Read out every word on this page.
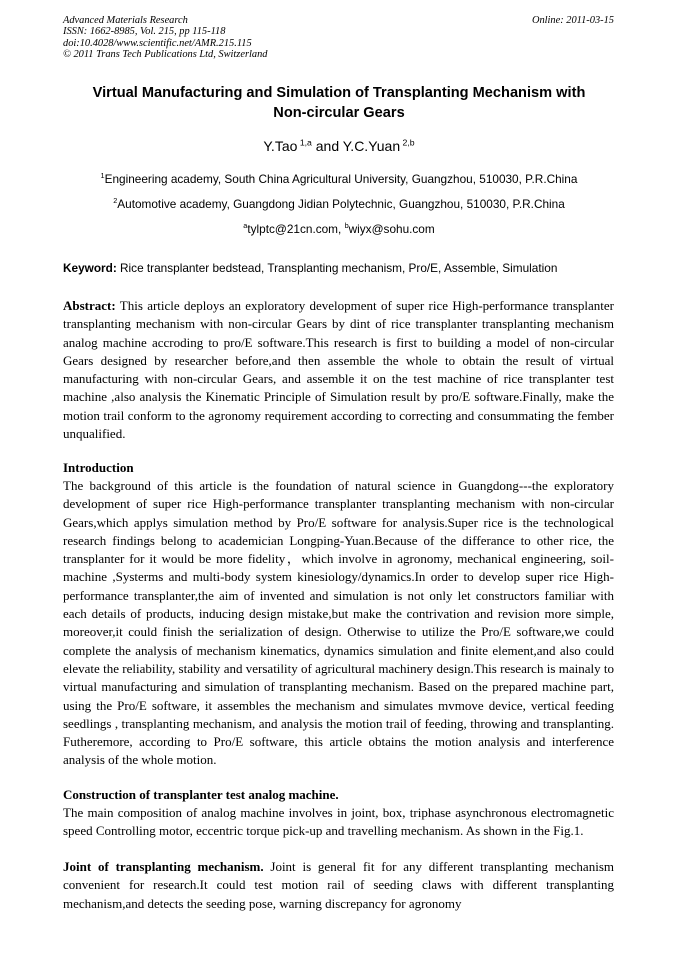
Advanced Materials Research
ISSN: 1662-8985, Vol. 215, pp 115-118
doi:10.4028/www.scientific.net/AMR.215.115
© 2011 Trans Tech Publications Ltd, Switzerland
Online: 2011-03-15
Virtual Manufacturing and Simulation of Transplanting Mechanism with
Non-circular Gears
Y.Tao $^{1,a}$ and Y.C.Yuan $^{2,b}$
$^1$Engineering academy, South China Agricultural University, Guangzhou, 510030, P.R.China
$^2$Automotive academy, Guangdong Jidian Polytechnic, Guangzhou, 510030, P.R.China
$^a$tylptc@21cn.com, $^b$wiyx@sohu.com
Keyword: Rice transplanter bedstead, Transplanting mechanism, Pro/E, Assemble, Simulation
Abstract: This article deploys an exploratory development of super rice High-performance transplanter transplanting mechanism with non-circular Gears by dint of rice transplanter transplanting mechanism analog machine accroding to pro/E software.This research is first to building a model of non-circular Gears designed by researcher before,and then assemble the whole to obtain the result of virtual manufacturing with non-circular Gears, and assemble it on the test machine of rice transplanter test machine ,also analysis the Kinematic Principle of Simulation result by pro/E software.Finally, make the motion trail conform to the agronomy requirement according to correcting and consummating the fember unqualified.
Introduction
The background of this article is the foundation of natural science in Guangdong---the exploratory development of super rice High-performance transplanter transplanting mechanism with non-circular Gears,which applys simulation method by Pro/E software for analysis.Super rice is the technological research findings belong to academician Longping-Yuan.Because of the differance to other rice, the transplanter for it would be more fidelity，which involve in agronomy, mechanical engineering, soil- machine ,Systerms and multi-body system kinesiology/dynamics.In order to develop super rice High-performance transplanter,the aim of invented and simulation is not only let constructors familiar with each details of products, inducing design mistake,but make the contrivation and revision more simple, moreover,it could finish the serialization of design. Otherwise to utilize the Pro/E software,we could complete the analysis of mechanism kinematics, dynamics simulation and finite element,and also could elevate the reliability, stability and versatility of agricultural machinery design.This research is mainaly to virtual manufacturing and simulation of transplanting mechanism. Based on the prepared machine part, using the Pro/E software, it assembles the mechanism and simulates mvmove device, vertical feeding seedlings , transplanting mechanism, and analysis the motion trail of feeding, throwing and transplanting. Futheremore, according to Pro/E software, this article obtains the motion analysis and interference analysis of the whole motion.
Construction of transplanter test analog machine.
The main composition of analog machine involves in joint, box, triphase asynchronous electromagnetic speed Controlling motor, eccentric torque pick-up and travelling mechanism. As shown in the Fig.1.
Joint of transplanting mechanism. Joint is general fit for any different transplanting mechanism convenient for research.It could test motion rail of seeding claws with different transplanting mechanism,and detects the seeding pose, warning discrepancy for agronomy
